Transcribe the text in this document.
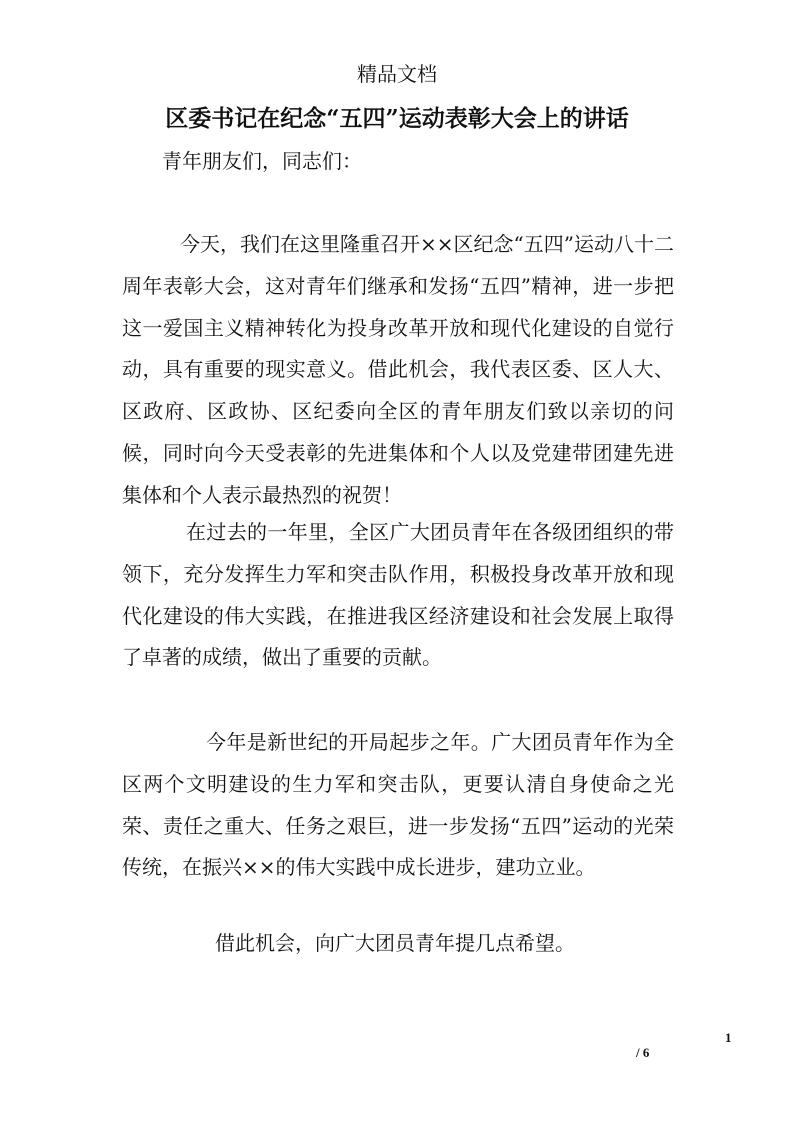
精品文档
区委书记在纪念“五四”运动表彰大会上的讲话
青年朋友们，同志们：

今天，我们在这里隆重召开××区纪念“五四”运动八十二周年表彰大会，这对青年们继承和发扬“五四”精神，进一步把这一爱国主义精神转化为投身改革开放和现代化建设的自觉行动，具有重要的现实意义。借此机会，我代表区委、区人大、区政府、区政协、区纪委向全区的青年朋友们致以亲切的问候，同时向今天受表彰的先进集体和个人以及党建带团建先进集体和个人表示最热烈的祝贺！

在过去的一年里，全区广大团员青年在各级团组织的带领下，充分发挥生力军和突击队作用，积极投身改革开放和现代化建设的伟大实践，在推进我区经济建设和社会发展上取得了卓著的成绩，做出了重要的贡献。

今年是新世纪的开局起步之年。广大团员青年作为全区两个文明建设的生力军和突击队，更要认清自身使命之光荣、责任之重大、任务之艰巨，进一步发扬“五四”运动的光荣传统，在振兴××的伟大实践中成长进步，建功立业。

借此机会，向广大团员青年提几点希望。
1
/ 6
